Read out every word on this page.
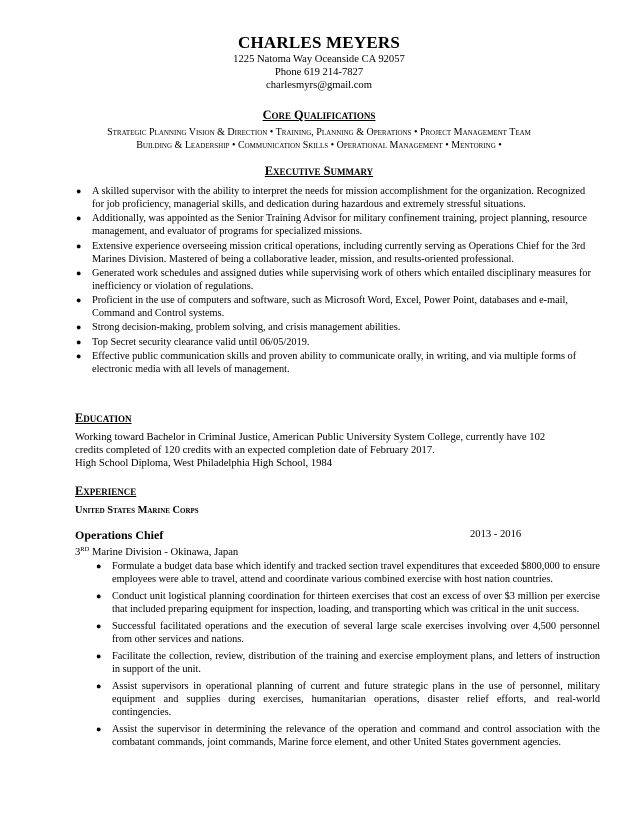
CHARLES MEYERS
1225 Natoma Way Oceanside CA 92057
Phone 619 214-7827
charlesmyrs@gmail.com
Core Qualifications
Strategic Planning Vision & Direction • Training, Planning & Operations • Project Management Team
Building & Leadership • Communication Skills • Operational Management • Mentoring •
Executive Summary
● A skilled supervisor with the ability to interpret the needs for mission accomplishment for the organization. Recognized for job proficiency, managerial skills, and dedication during hazardous and extremely stressful situations.
● Additionally, was appointed as the Senior Training Advisor for military confinement training, project planning, resource management, and evaluator of programs for specialized missions.
● Extensive experience overseeing mission critical operations, including currently serving as Operations Chief for the 3rd Marines Division. Mastered of being a collaborative leader, mission, and results-oriented professional.
● Generated work schedules and assigned duties while supervising work of others which entailed disciplinary measures for inefficiency or violation of regulations.
● Proficient in the use of computers and software, such as Microsoft Word, Excel, Power Point, databases and e-mail, Command and Control systems.
● Strong decision-making, problem solving, and crisis management abilities.
● Top Secret security clearance valid until 06/05/2019.
● Effective public communication skills and proven ability to communicate orally, in writing, and via multiple forms of electronic media with all levels of management.
Education
Working toward Bachelor in Criminal Justice, American Public University System College, currently have 102
credits completed of 120 credits with an expected completion date of February 2017.
High School Diploma, West Philadelphia High School, 1984
Experience
United States Marine Corps
Operations Chief	2013 - 2016
3RD Marine Division - Okinawa, Japan
● Formulate a budget data base which identify and tracked section travel expenditures that exceeded $800,000 to ensure employees were able to travel, attend and coordinate various combined exercise with host nation countries.
● Conduct unit logistical planning coordination for thirteen exercises that cost an excess of over $3 million per exercise that included preparing equipment for inspection, loading, and transporting which was critical in the unit success.
● Successful facilitated operations and the execution of several large scale exercises involving over 4,500 personnel from other services and nations.
● Facilitate the collection, review, distribution of the training and exercise employment plans, and letters of instruction in support of the unit.
● Assist supervisors in operational planning of current and future strategic plans in the use of personnel, military equipment and supplies during exercises, humanitarian operations, disaster relief efforts, and real-world contingencies.
● Assist the supervisor in determining the relevance of the operation and command and control association with the combatant commands, joint commands, Marine force element, and other United States government agencies.
